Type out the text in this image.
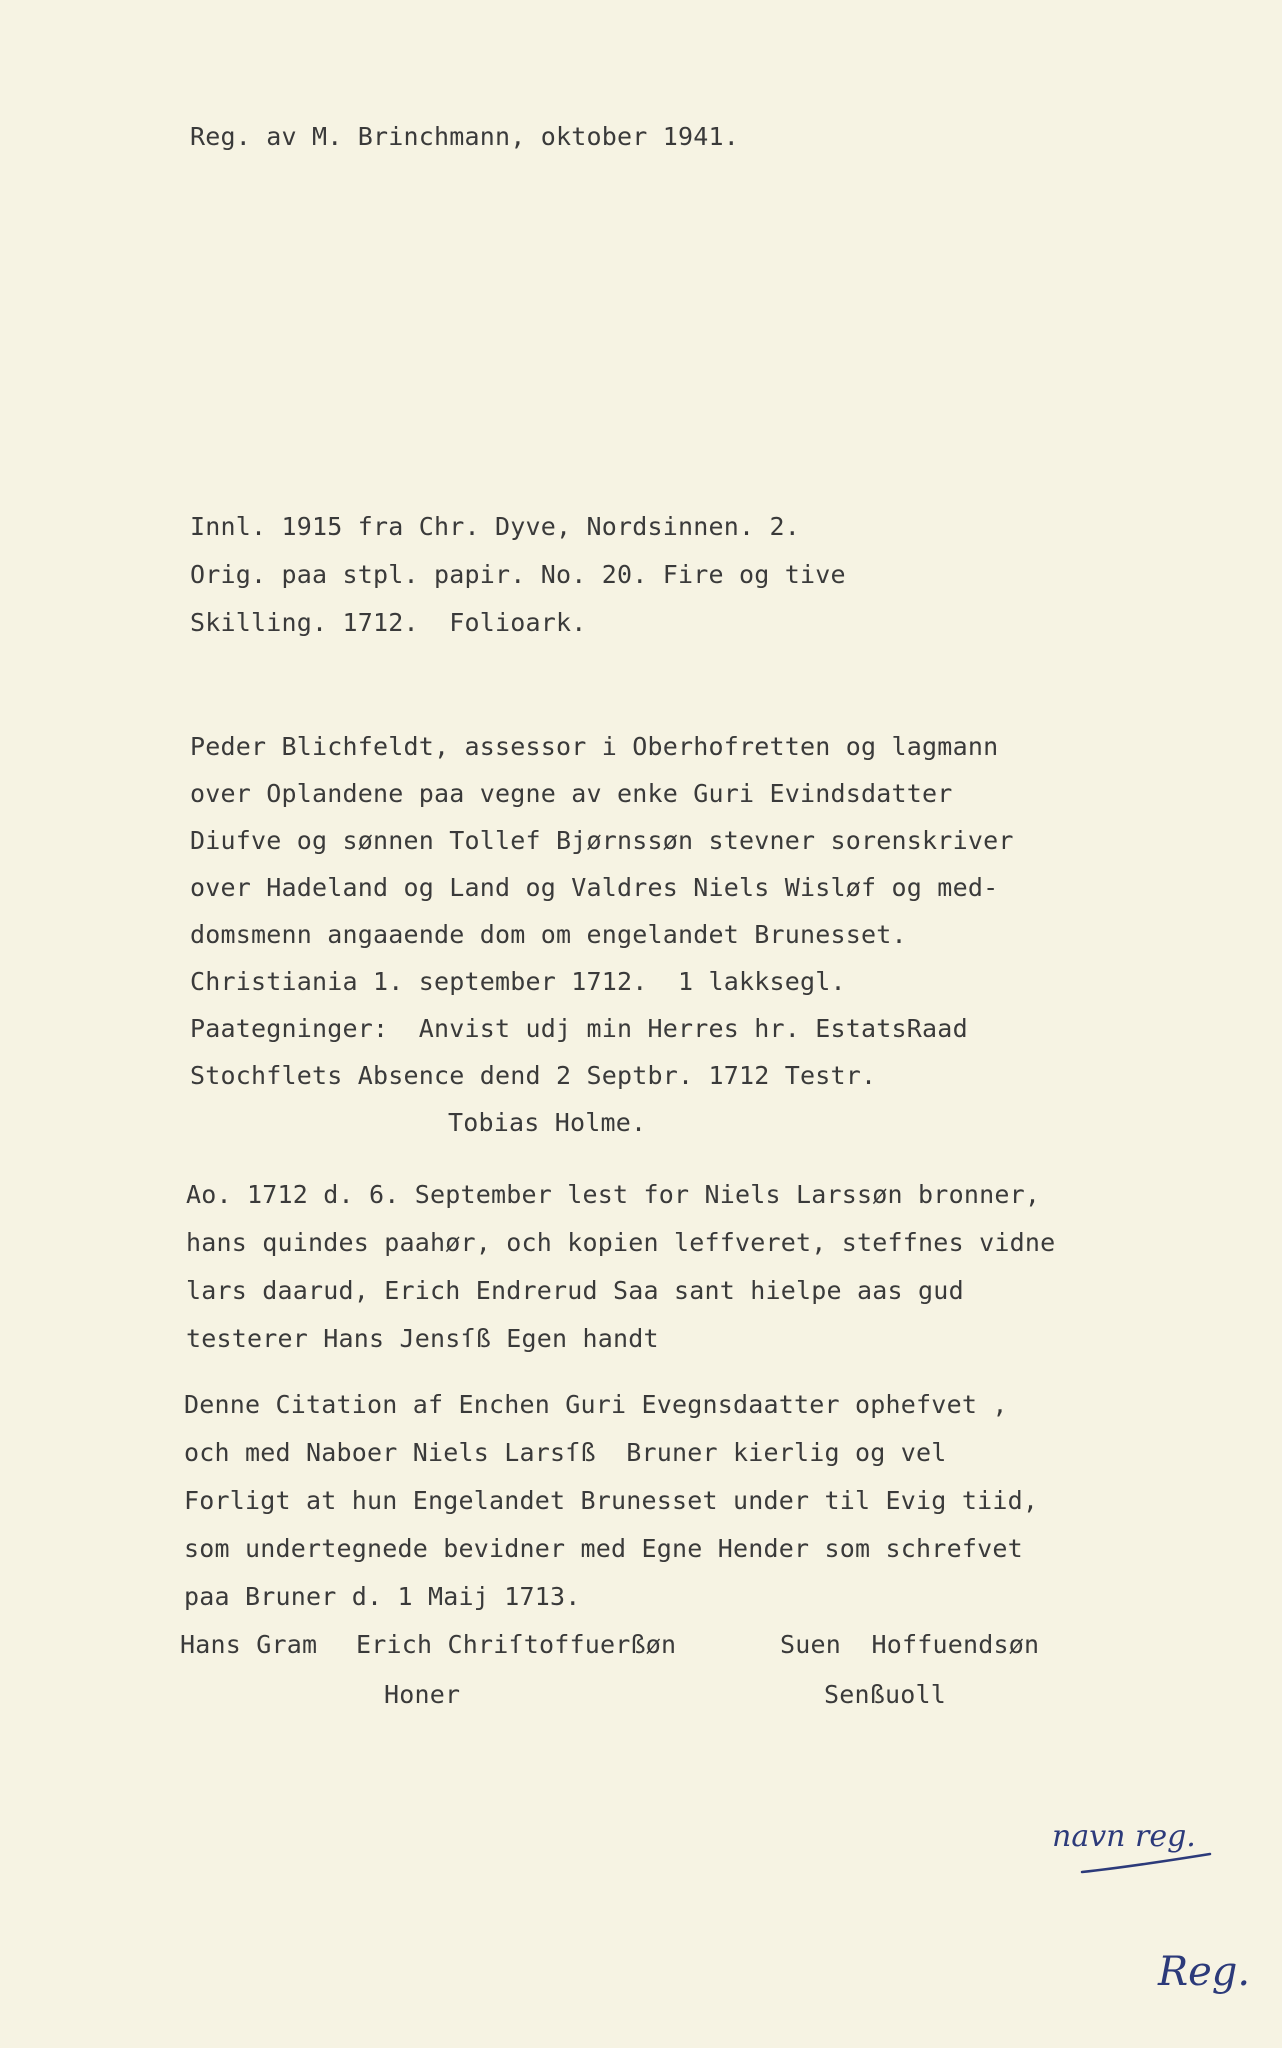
Reg. av M. Brinchmann, oktober 1941.

Innl. 1915 fra Chr. Dyve, Nordsinnen. 2.

Orig. paa stpl. papir. No. 20. Fire og tive

Skilling. 1712.  Folioark.

Peder Blichfeldt, assessor i Oberhofretten og lagmann

over Oplandene paa vegne av enke Guri Evindsdatter

Diufve og sønnen Tollef Bjørnssøn stevner sorenskriver

over Hadeland og Land og Valdres Niels Wisløf og med-

domsmenn angaaende dom om engelandet Brunesset.

Christiania 1. september 1712.  1 lakksegl.

Paategninger:  Anvist udj min Herres hr. EstatsRaad

Stochflets Absence dend 2 Septbr. 1712 Testr.

Tobias Holme.

Ao. 1712 d. 6. September lest for Niels Larssøn bronner,

hans quindes paahør, och kopien leffveret, steffnes vidne

lars daarud, Erich Endrerud Saa sant hielpe aas gud

testerer Hans Jensſß Egen handt

Denne Citation af Enchen Guri Evegnsdaatter ophefvet ,

och med Naboer Niels Larsſß  Bruner kierlig og vel

Forligt at hun Engelandet Brunesset under til Evig tiid,

som undertegnede bevidner med Egne Hender som schrefvet

paa Bruner d. 1 Maij 1713.

Hans Gram

Erich Chriſtoffuerßøn

Honer

Suen  Hoffuendsøn

Senßuoll

navn reg.
Reg.
